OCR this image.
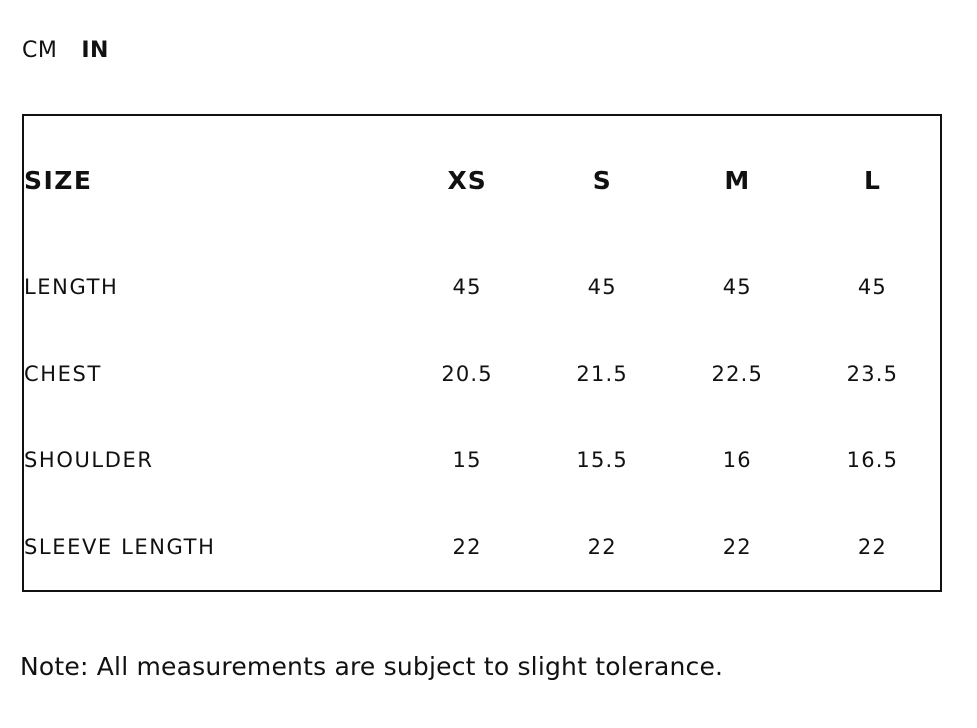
CM IN
SIZE	XS	S	M	L
LENGTH	45	45	45	45
CHEST	20.5	21.5	22.5	23.5
SHOULDER	15	15.5	16	16.5
SLEEVE LENGTH	22	22	22	22
Note: All measurements are subject to slight tolerance.
